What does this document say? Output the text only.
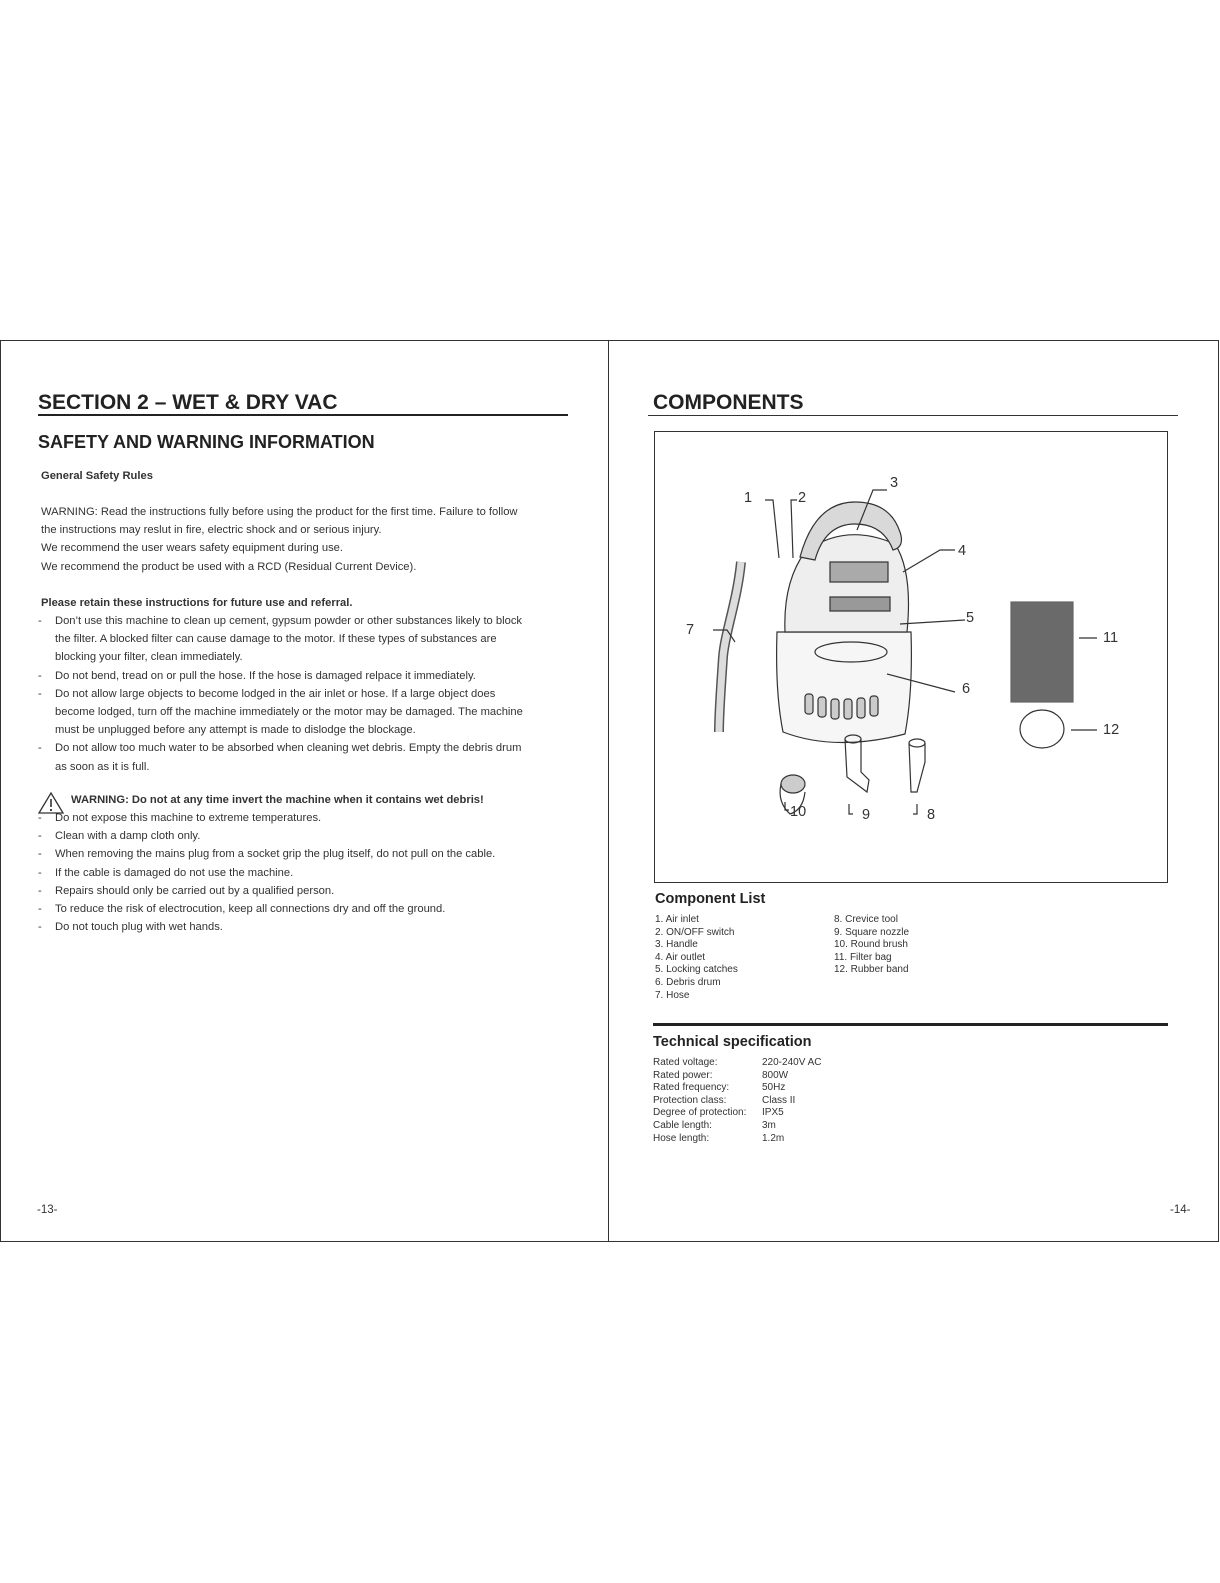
SECTION 2 – WET & DRY VAC
SAFETY AND WARNING INFORMATION
General Safety Rules
WARNING: Read the instructions fully before using the product for the first time. Failure to follow
the instructions may reslut in fire, electric shock and or serious injury.
We recommend the user wears safety equipment during use.
We recommend the product be used with a RCD (Residual Current Device).
Please retain these instructions for future use and referral.
- Don’t use this machine to clean up cement, gypsum powder or other substances likely to block
the filter. A blocked filter can cause damage to the motor. If these types of substances are
blocking your filter, clean immediately.
- Do not bend, tread on or pull the hose. If the hose is damaged relpace it immediately.
- Do not allow large objects to become lodged in the air inlet or hose. If a large object does
become lodged, turn off the machine immediately or the motor may be damaged. The machine
must be unplugged before any attempt is made to dislodge the blockage.
- Do not allow too much water to be absorbed when cleaning wet debris. Empty the debris drum
as soon as it is full.
WARNING: Do not at any time invert the machine when it contains wet debris!
- Do not expose this machine to extreme temperatures.
- Clean with a damp cloth only.
- When removing the mains plug from a socket grip the plug itself, do not pull on the cable.
- If the cable is damaged do not use the machine.
- Repairs should only be carried out by a qualified person.
- To reduce the risk of electrocution, keep all connections dry and off the ground.
- Do not touch plug with wet hands.
-13-
COMPONENTS
1	2
3
4
5
6
7
8
9
10
11
12
Component List
1. Air inlet
2. ON/OFF switch
3. Handle
4. Air outlet
5. Locking catches
6. Debris drum
7. Hose
8. Crevice tool
9. Square nozzle
10. Round brush
11. Filter bag
12. Rubber band
Technical specification
Rated voltage:	220-240V AC
Rated power:	800W
Rated frequency:	50Hz
Protection class:	Class II
Degree of protection:	IPX5
Cable length:	3m
Hose length:	1.2m
-14-
